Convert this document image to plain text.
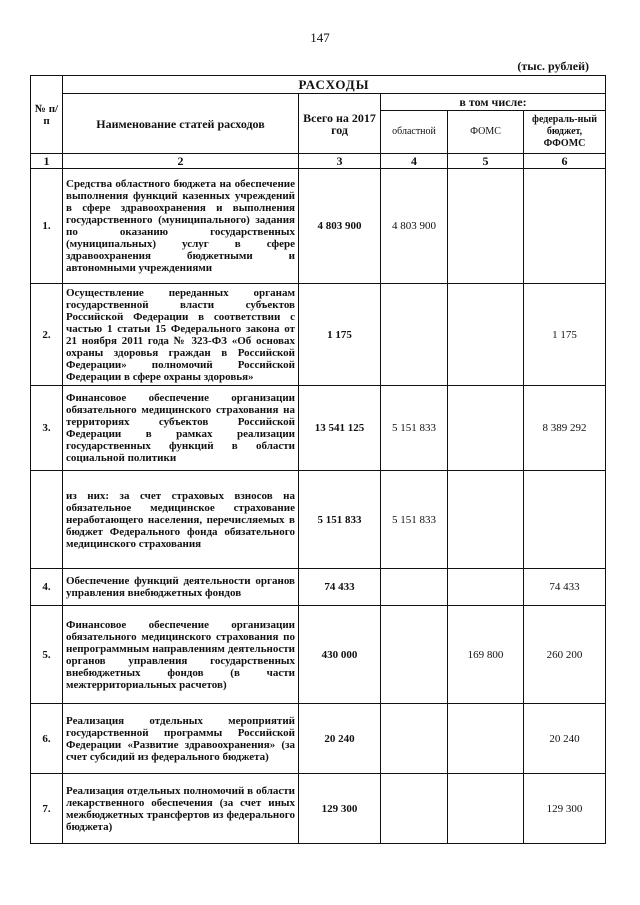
147
(тыс. рублей)
№ п/п	РАСХОДЫ				
	Наименование статей расходов	Всего на 2017 год	в том числе:		
			областной	ФОМС	федераль-ный бюджет, ФФОМС
1	2	3	4	5	6
1.	Средства областного бюджета на обеспечение выполнения функций казенных учреждений в сфере здравоохранения и выполнения государственного (муниципального) задания по оказанию государственных (муниципальных) услуг в сфере здравоохранения бюджетными и автономными учреждениями	4 803 900	4 803 900		
2.	Осуществление переданных органам государственной власти субъектов Российской Федерации в соответствии с частью 1 статьи 15 Федерального закона от 21 ноября 2011 года № 323-ФЗ «Об основах охраны здоровья граждан в Российской Федерации» полномочий Российской Федерации в сфере охраны здоровья»	1 175			1 175
3.	Финансовое обеспечение организации обязательного медицинского страхования на территориях субъектов Российской Федерации в рамках реализации государственных функций в области социальной политики	13 541 125	5 151 833		8 389 292
	из них: за счет страховых взносов на обязательное медицинское страхование неработающего населения, перечисляемых в бюджет Федерального фонда обязательного медицинского страхования	5 151 833	5 151 833		
4.	Обеспечение функций деятельности органов управления внебюджетных фондов	74 433			74 433
5.	Финансовое обеспечение организации обязательного медицинского страхования по непрограммным направлениям деятельности органов управления государственных внебюджетных фондов (в части межтерриториальных расчетов)	430 000		169 800	260 200
6.	Реализация отдельных мероприятий государственной программы Российской Федерации «Развитие здравоохранения» (за счет субсидий из федерального бюджета)	20 240			20 240
7.	Реализация отдельных полномочий в области лекарственного обеспечения (за счет иных межбюджетных трансфертов из федерального бюджета)	129 300			129 300
